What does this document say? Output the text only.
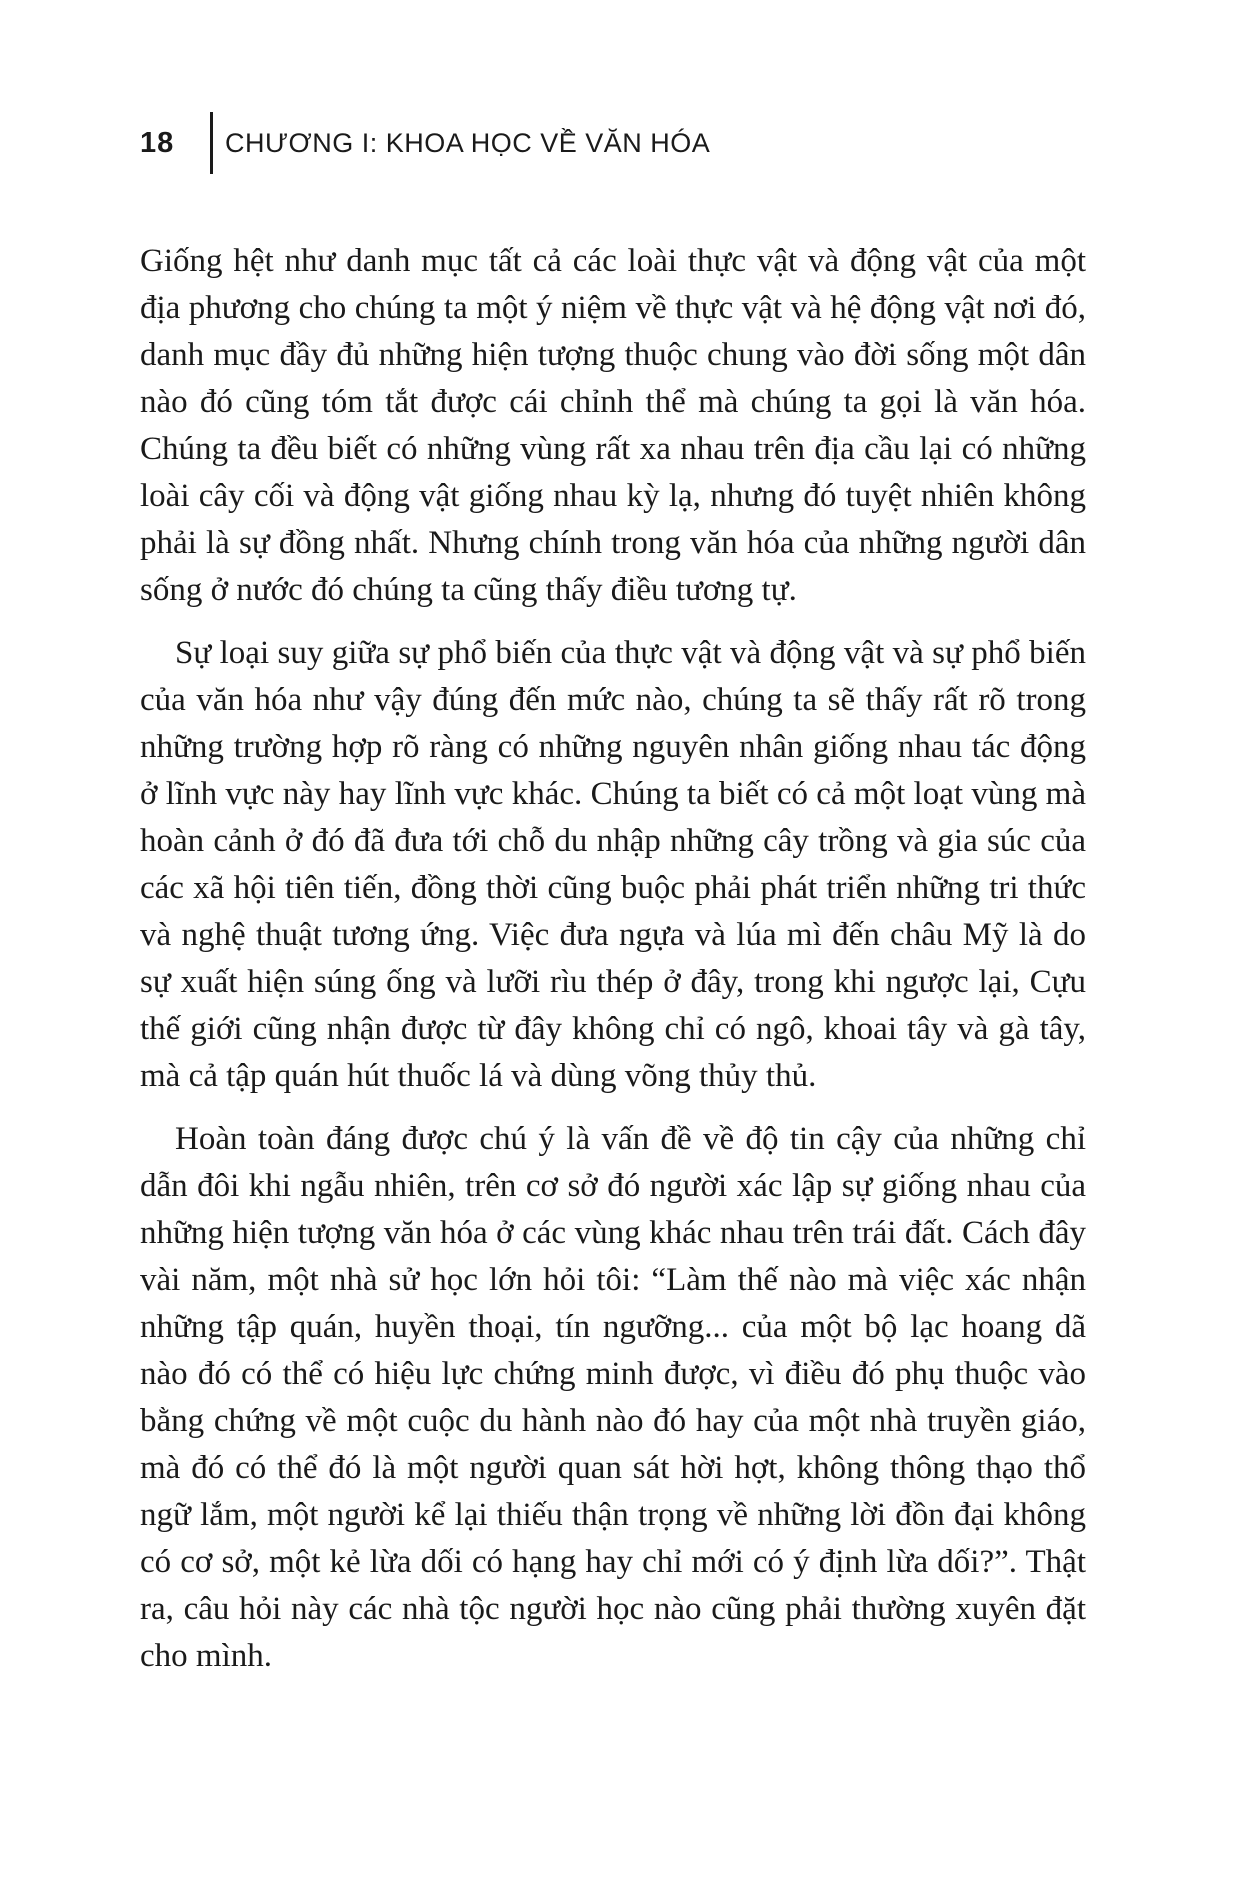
18	CHƯƠNG I: KHOA HỌC VỀ VĂN HÓA

Giống hệt như danh mục tất cả các loài thực vật và động vật của một địa phương cho chúng ta một ý niệm về thực vật và hệ động vật nơi đó, danh mục đầy đủ những hiện tượng thuộc chung vào đời sống một dân nào đó cũng tóm tắt được cái chỉnh thể mà chúng ta gọi là văn hóa. Chúng ta đều biết có những vùng rất xa nhau trên địa cầu lại có những loài cây cối và động vật giống nhau kỳ lạ, nhưng đó tuyệt nhiên không phải là sự đồng nhất. Nhưng chính trong văn hóa của những người dân sống ở nước đó chúng ta cũng thấy điều tương tự.

Sự loại suy giữa sự phổ biến của thực vật và động vật và sự phổ biến của văn hóa như vậy đúng đến mức nào, chúng ta sẽ thấy rất rõ trong những trường hợp rõ ràng có những nguyên nhân giống nhau tác động ở lĩnh vực này hay lĩnh vực khác. Chúng ta biết có cả một loạt vùng mà hoàn cảnh ở đó đã đưa tới chỗ du nhập những cây trồng và gia súc của các xã hội tiên tiến, đồng thời cũng buộc phải phát triển những tri thức và nghệ thuật tương ứng. Việc đưa ngựa và lúa mì đến châu Mỹ là do sự xuất hiện súng ống và lưỡi rìu thép ở đây, trong khi ngược lại, Cựu thế giới cũng nhận được từ đây không chỉ có ngô, khoai tây và gà tây, mà cả tập quán hút thuốc lá và dùng võng thủy thủ.

Hoàn toàn đáng được chú ý là vấn đề về độ tin cậy của những chỉ dẫn đôi khi ngẫu nhiên, trên cơ sở đó người xác lập sự giống nhau của những hiện tượng văn hóa ở các vùng khác nhau trên trái đất. Cách đây vài năm, một nhà sử học lớn hỏi tôi: “Làm thế nào mà việc xác nhận những tập quán, huyền thoại, tín ngưỡng... của một bộ lạc hoang dã nào đó có thể có hiệu lực chứng minh được, vì điều đó phụ thuộc vào bằng chứng về một cuộc du hành nào đó hay của một nhà truyền giáo, mà đó có thể đó là một người quan sát hời hợt, không thông thạo thổ ngữ lắm, một người kể lại thiếu thận trọng về những lời đồn đại không có cơ sở, một kẻ lừa dối có hạng hay chỉ mới có ý định lừa dối?”. Thật ra, câu hỏi này các nhà tộc người học nào cũng phải thường xuyên đặt cho mình.
